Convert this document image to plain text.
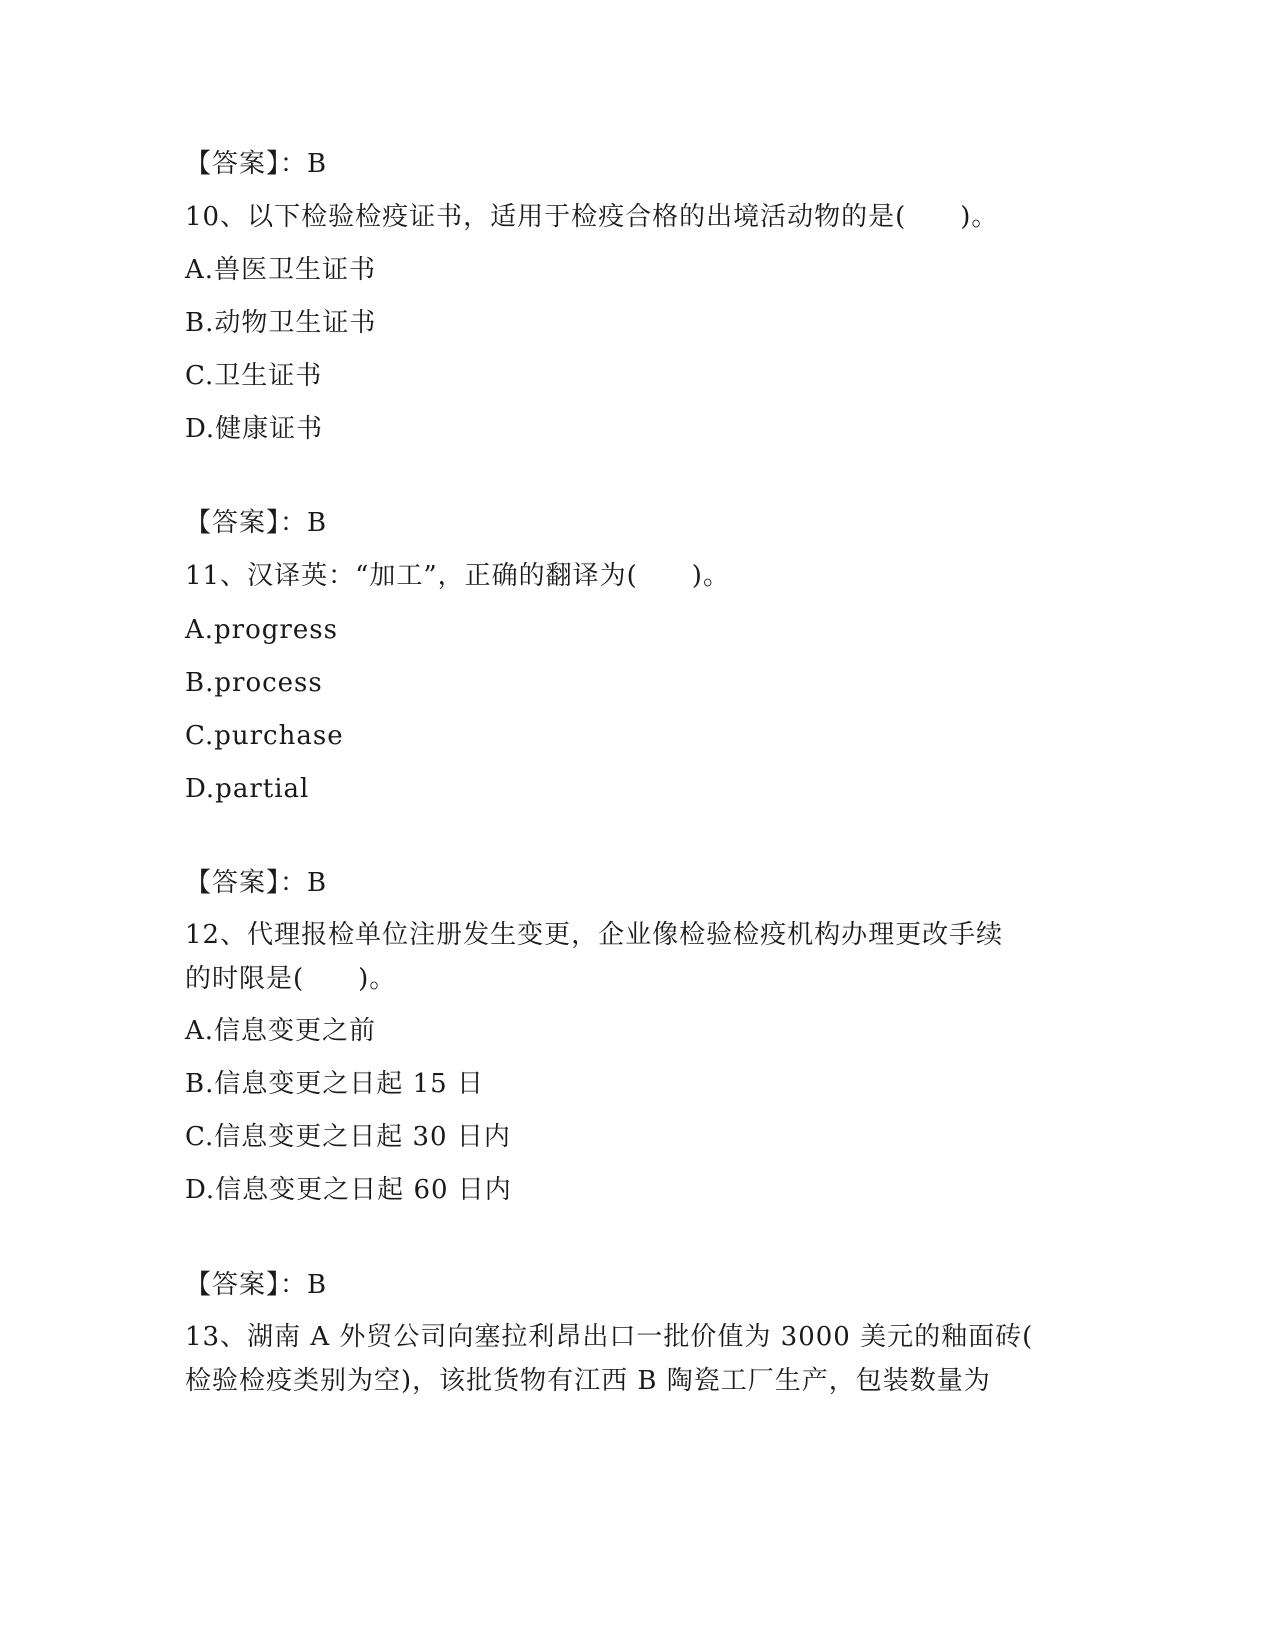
【答案】：B
10、以下检验检疫证书，适用于检疫合格的出境活动物的是(　　)。
A.兽医卫生证书
B.动物卫生证书
C.卫生证书
D.健康证书
【答案】：B
11、汉译英：“加工”，正确的翻译为(　　)。
A.progress
B.process
C.purchase
D.partial
【答案】：B
12、代理报检单位注册发生变更，企业像检验检疫机构办理更改手续
的时限是(　　)。
A.信息变更之前
B.信息变更之日起 15 日
C.信息变更之日起 30 日内
D.信息变更之日起 60 日内
【答案】：B
13、湖南 A 外贸公司向塞拉利昂出口一批价值为 3000 美元的釉面砖(
检验检疫类别为空)，该批货物有江西 B 陶瓷工厂生产，包装数量为
